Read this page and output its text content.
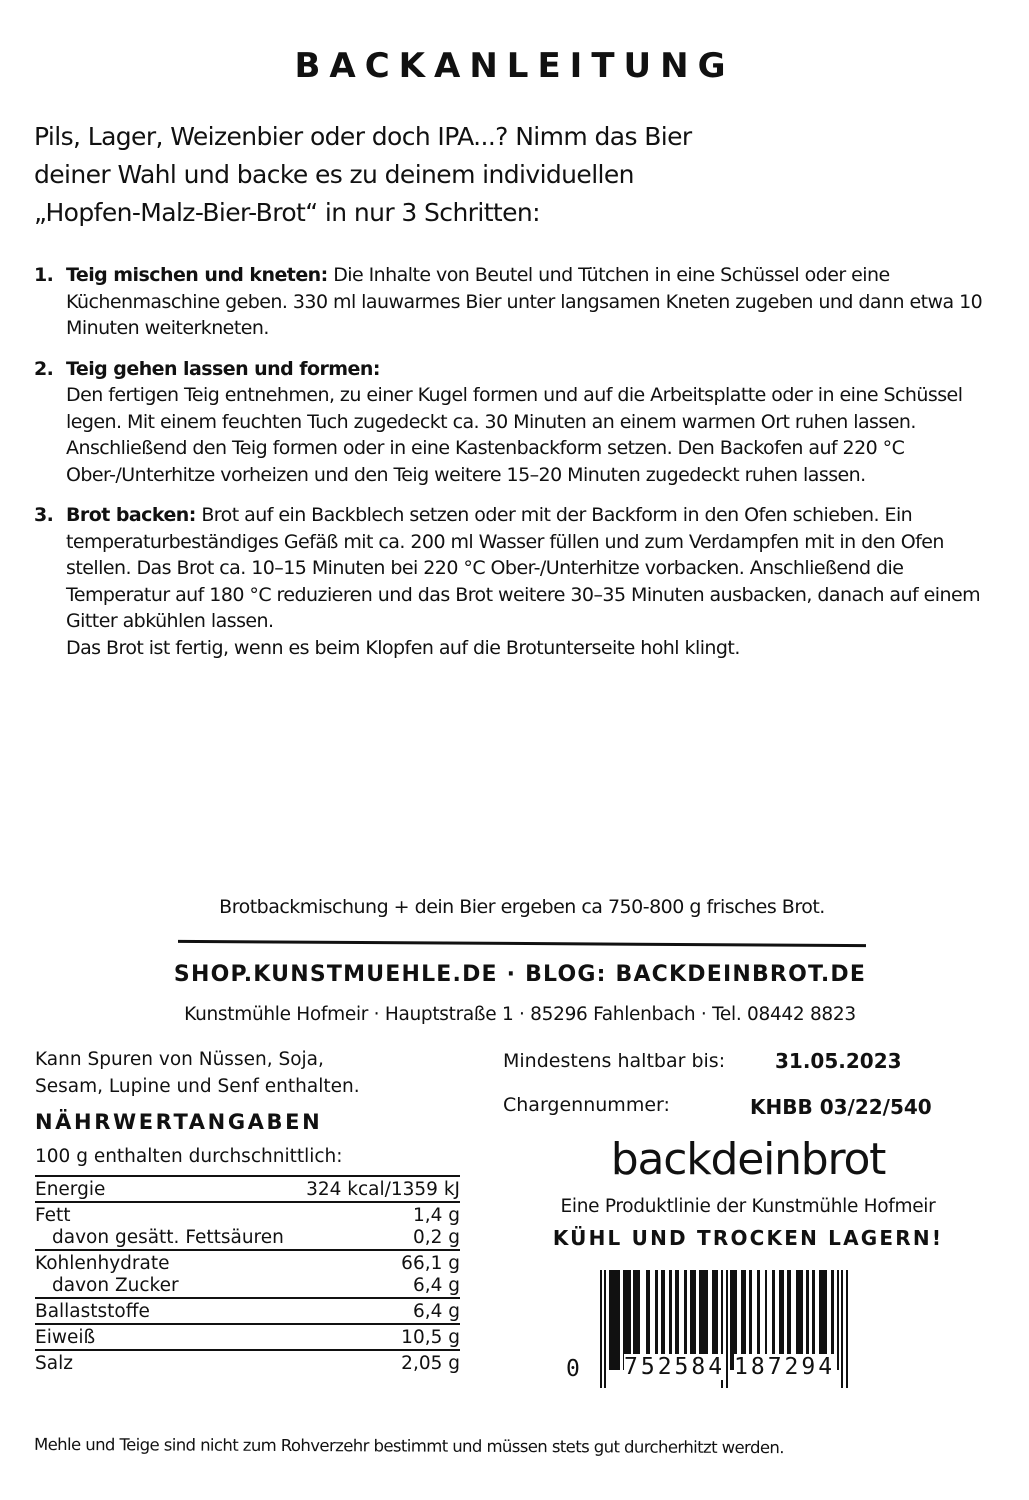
BACKANLEITUNG
Pils, Lager, Weizenbier oder doch IPA...? Nimm das Bier
deiner Wahl und backe es zu deinem individuellen
„Hopfen-Malz-Bier-Brot“ in nur 3 Schritten:
1. Teig mischen und kneten: Die Inhalte von Beutel und Tütchen in eine Schüssel oder eine Küchenmaschine geben. 330 ml lauwarmes Bier unter langsamen Kneten zugeben und dann etwa 10 Minuten weiterkneten.
2. Teig gehen lassen und formen:
Den fertigen Teig entnehmen, zu einer Kugel formen und auf die Arbeitsplatte oder in eine Schüssel legen. Mit einem feuchten Tuch zugedeckt ca. 30 Minuten an einem warmen Ort ruhen lassen. Anschließend den Teig formen oder in eine Kastenbackform setzen. Den Backofen auf 220 °C Ober-/Unterhitze vorheizen und den Teig weitere 15–20 Minuten zugedeckt ruhen lassen.
3. Brot backen: Brot auf ein Backblech setzen oder mit der Backform in den Ofen schieben. Ein temperaturbeständiges Gefäß mit ca. 200 ml Wasser füllen und zum Verdampfen mit in den Ofen stellen. Das Brot ca. 10–15 Minuten bei 220 °C Ober-/Unterhitze vorbacken. Anschließend die Temperatur auf 180 °C reduzieren und das Brot weitere 30–35 Minuten ausbacken, danach auf einem Gitter abkühlen lassen.
Das Brot ist fertig, wenn es beim Klopfen auf die Brotunterseite hohl klingt.
Brotbackmischung + dein Bier ergeben ca 750-800 g frisches Brot.
SHOP.KUNSTMUEHLE.DE · BLOG: BACKDEINBROT.DE
Kunstmühle Hofmeir · Hauptstraße 1 · 85296 Fahlenbach · Tel. 08442 8823
Kann Spuren von Nüssen, Soja,
Sesam, Lupine und Senf enthalten.
NÄHRWERTANGABEN
100 g enthalten durchschnittlich:
Energie	324 kcal/1359 kJ
Fett	1,4 g
davon gesätt. Fettsäuren	0,2 g
Kohlenhydrate	66,1 g
davon Zucker	6,4 g
Ballaststoffe	6,4 g
Eiweiß	10,5 g
Salz	2,05 g
Mindestens haltbar bis: 31.05.2023
Chargennummer:	KHBB 03/22/540
backdeinbrot
Eine Produktlinie der Kunstmühle Hofmeir
KÜHL UND TROCKEN LAGERN!
0 752584 187294
Mehle und Teige sind nicht zum Rohverzehr bestimmt und müssen stets gut durcherhitzt werden.
